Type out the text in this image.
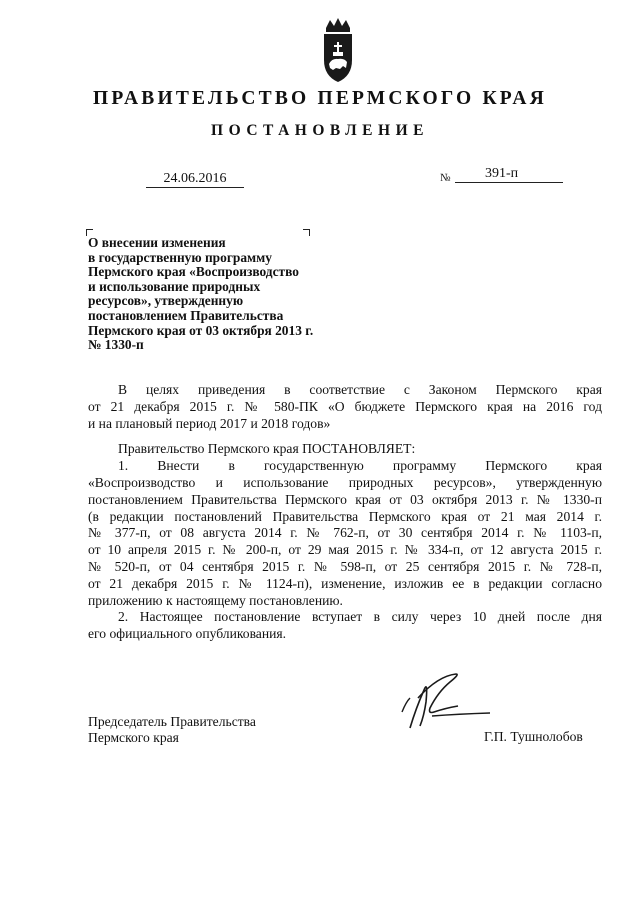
ПРАВИТЕЛЬСТВО ПЕРМСКОГО КРАЯ
ПОСТАНОВЛЕНИЕ
24.06.2016	№	391-п
О внесении изменения
в государственную программу
Пермского края «Воспроизводство
и использование природных
ресурсов», утвержденную
постановлением Правительства
Пермского края от 03 октября 2013 г.
№ 1330-п
В целях приведения в соответствие с Законом Пермского края
от 21 декабря 2015 г. № 580-ПК «О бюджете Пермского края на 2016 год
и на плановый период 2017 и 2018 годов»
Правительство Пермского края ПОСТАНОВЛЯЕТ:
1. Внести в государственную программу Пермского края
«Воспроизводство и использование природных ресурсов», утвержденную
постановлением Правительства Пермского края от 03 октября 2013 г. № 1330-п
(в редакции постановлений Правительства Пермского края от 21 мая 2014 г.
№ 377-п, от 08 августа 2014 г. № 762-п, от 30 сентября 2014 г. № 1103-п,
от 10 апреля 2015 г. № 200-п, от 29 мая 2015 г. № 334-п, от 12 августа 2015 г.
№ 520-п, от 04 сентября 2015 г. № 598-п, от 25 сентября 2015 г. № 728-п,
от 21 декабря 2015 г. № 1124-п), изменение, изложив ее в редакции согласно
приложению к настоящему постановлению.
2. Настоящее постановление вступает в силу через 10 дней после дня
его официального опубликования.
Председатель Правительства
Пермского края	Г.П. Тушнолобов
